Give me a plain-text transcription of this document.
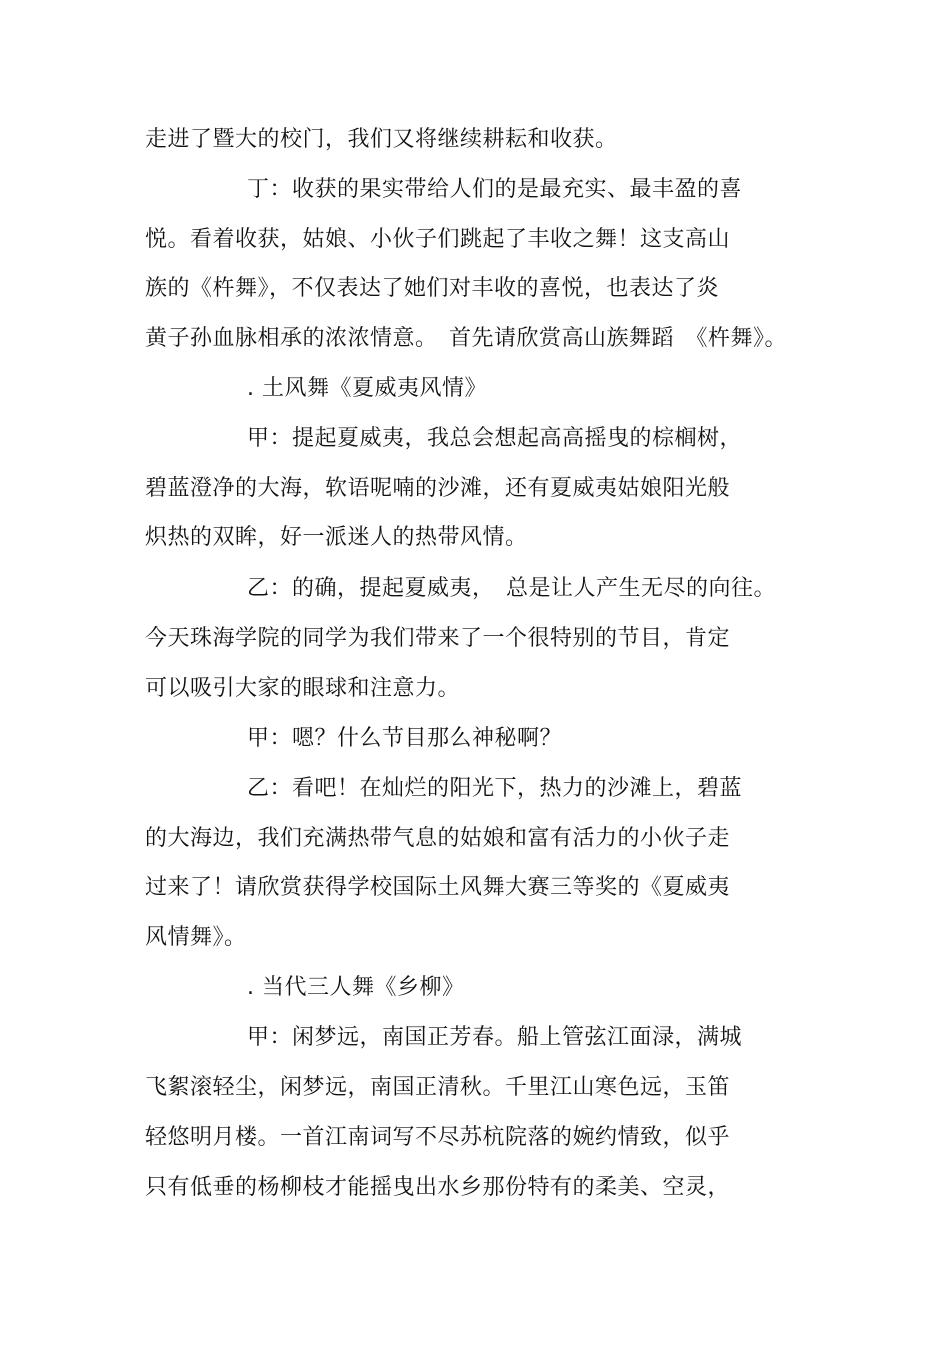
走进了暨大的校门，我们又将继续耕耘和收获。
丁：收获的果实带给人们的是最充实、最丰盈的喜
悦。看着收获，姑娘、小伙子们跳起了丰收之舞！这支高山
族的《杵舞》，不仅表达了她们对丰收的喜悦，也表达了炎
黄子孙血脉相承的浓浓情意。　首先请欣赏高山族舞蹈　《杵舞》。
. 土风舞《夏威夷风情》
甲：提起夏威夷，我总会想起高高摇曳的棕榈树，
碧蓝澄净的大海，软语呢喃的沙滩，还有夏威夷姑娘阳光般
炽热的双眸，好一派迷人的热带风情。
乙：的确，提起夏威夷，　总是让人产生无尽的向往。
今天珠海学院的同学为我们带来了一个很特别的节目，肯定
可以吸引大家的眼球和注意力。
甲：嗯？什么节目那么神秘啊？
乙：看吧！在灿烂的阳光下，热力的沙滩上，碧蓝
的大海边，我们充满热带气息的姑娘和富有活力的小伙子走
过来了！请欣赏获得学校国际土风舞大赛三等奖的《夏威夷
风情舞》。
. 当代三人舞《乡柳》
甲：闲梦远，南国正芳春。船上管弦江面渌，满城
飞絮滚轻尘，闲梦远，南国正清秋。千里江山寒色远，玉笛
轻悠明月楼。一首江南词写不尽苏杭院落的婉约情致，似乎
只有低垂的杨柳枝才能摇曳出水乡那份特有的柔美、空灵，
